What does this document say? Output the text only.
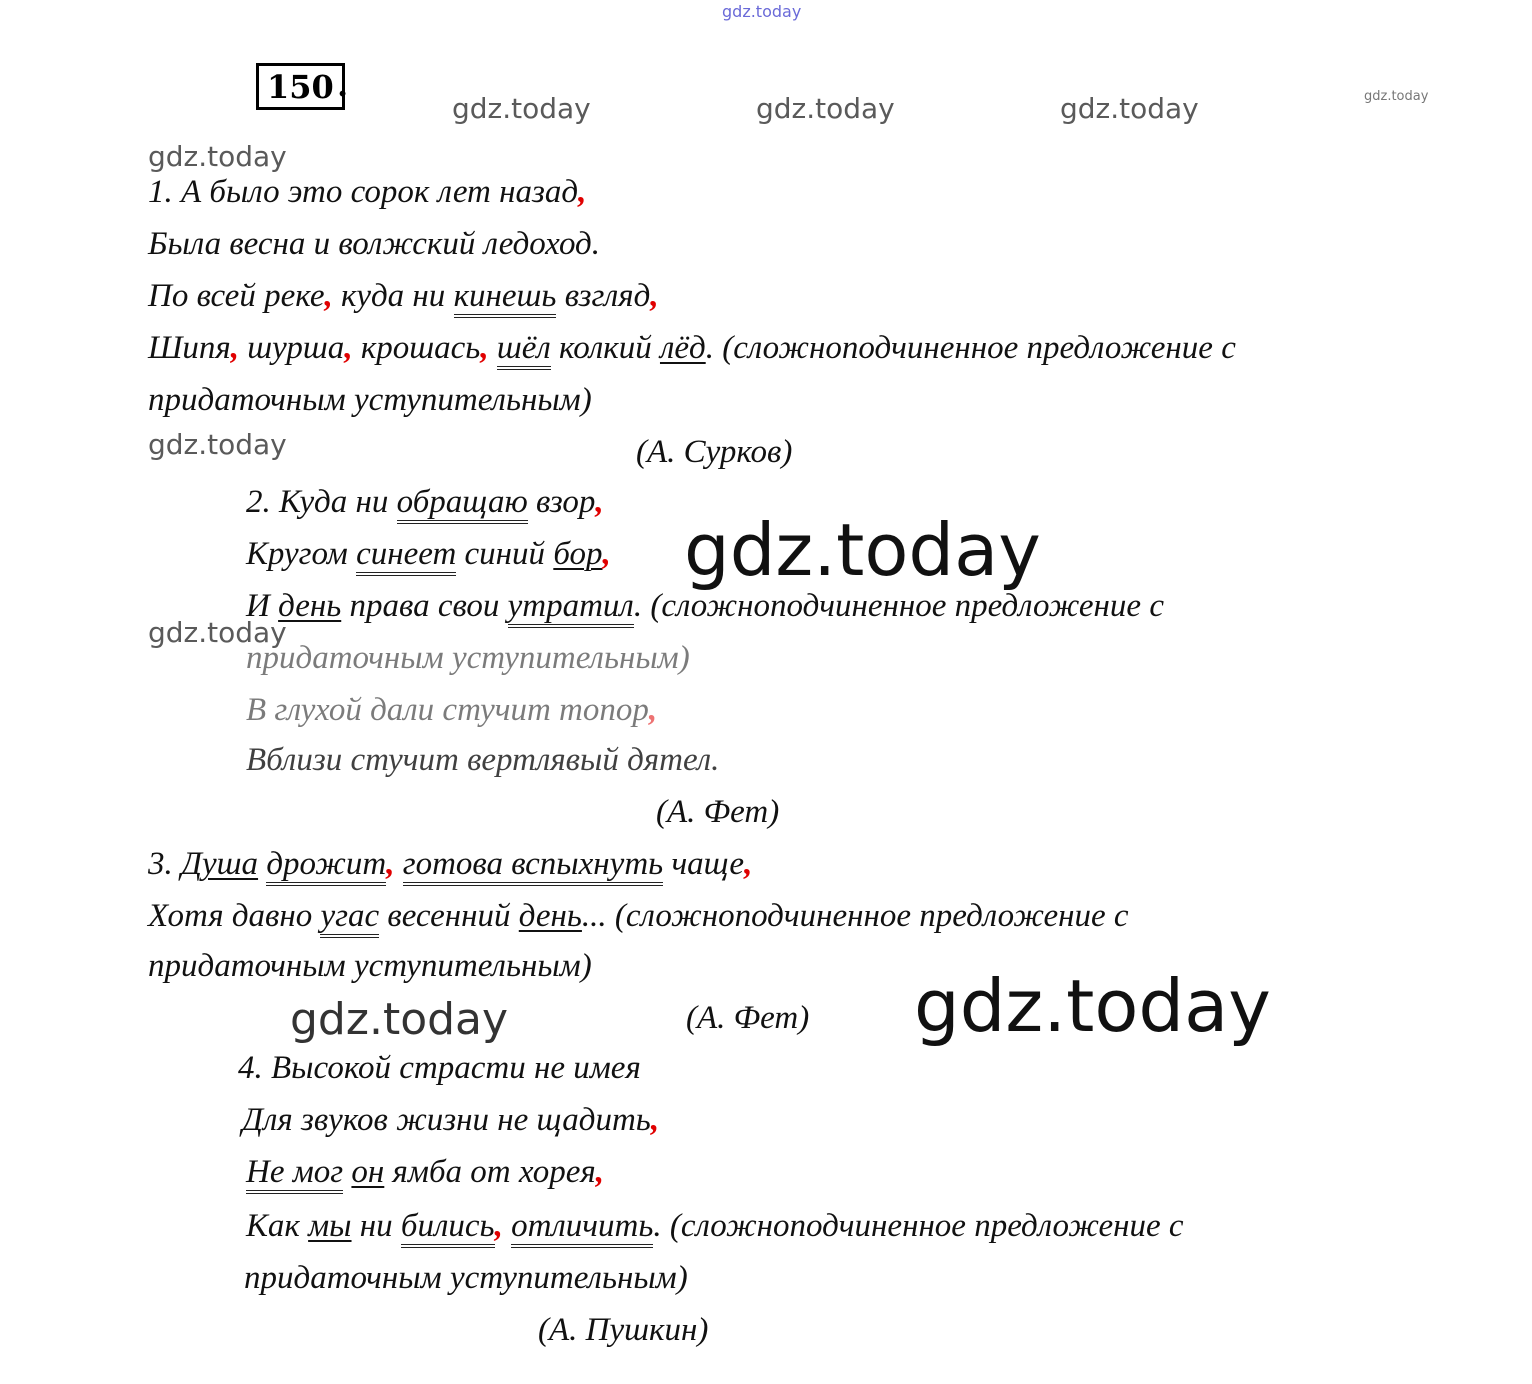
gdz.today
gdz.today	gdz.today	gdz.today	gdz.today
gdz.today
gdz.today
gdz.today
gdz.today
gdz.today	gdz.today
150 .
1. А было это сорок лет назад,
Была весна и волжский ледоход.
По всей реке, куда ни кинешь взгляд,
Шипя, шурша, крошась, шёл колкий лёд. (сложноподчиненное предложение с
придаточным уступительным)
(А. Сурков)
2. Куда ни обращаю взор,
Кругом синеет синий бор,
И день права свои утратил. (сложноподчиненное предложение с
придаточным уступительным)
В глухой дали стучит топор,
Вблизи стучит вертлявый дятел.
(А. Фет)
3. Душа дрожит, готова вспыхнуть чаще,
Хотя давно угас весенний день... (сложноподчиненное предложение с
придаточным уступительным)
(А. Фет)
4. Высокой страсти не имея
Для звуков жизни не щадить,
Не мог он ямба от хорея,
Как мы ни бились, отличить. (сложноподчиненное предложение с
придаточным уступительным)
(А. Пушкин)
